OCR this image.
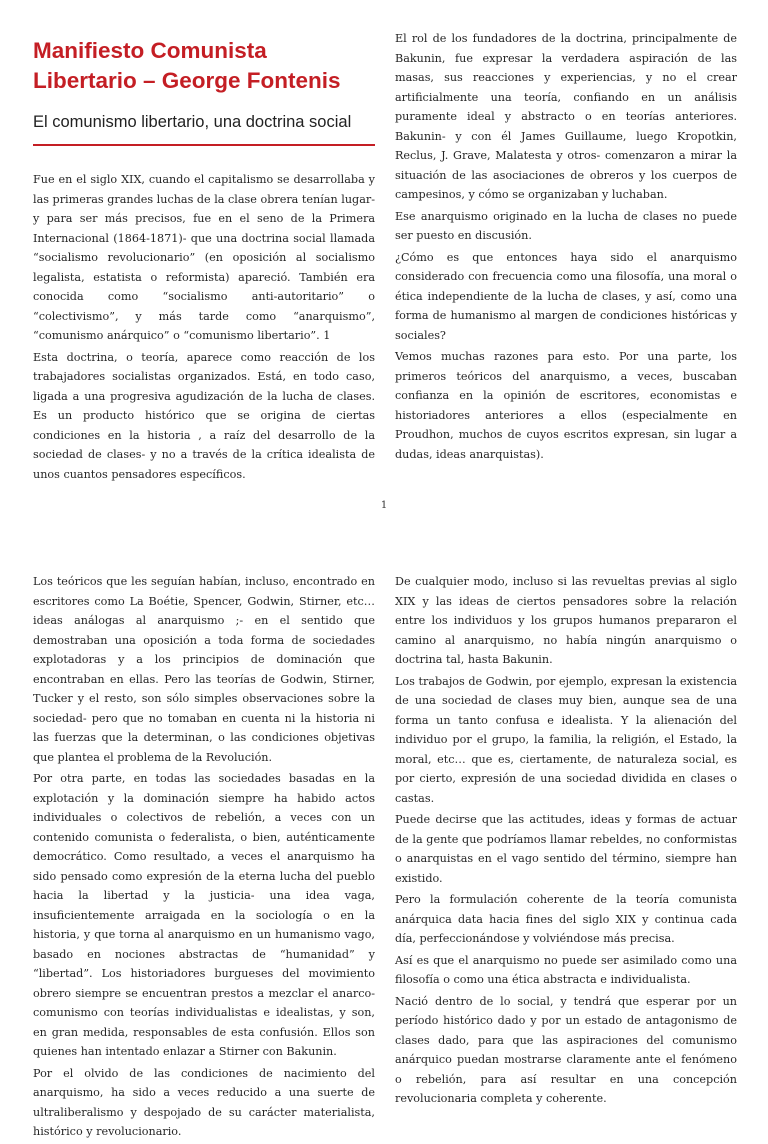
Manifiesto Comunista Libertario – George Fontenis
El comunismo libertario, una doctrina social

Fue en el siglo XIX, cuando el capitalismo se desarrollaba y las primeras grandes luchas de la clase obrera tenían lugar- y para ser más precisos, fue en el seno de la Primera Internacional (1864-1871)- que una doctrina social llamada “socialismo revolucionario” (en oposición al socialismo legalista, estatista o reformista) apareció. También era conocida como “socialismo anti-autoritario” o “colectivismo”, y más tarde como “anarquismo”, “comunismo anárquico” o “comunismo libertario”. 1

Esta doctrina, o teoría, aparece como reacción de los trabajadores socialistas organizados. Está, en todo caso, ligada a una progresiva agudización de la lucha de clases. Es un producto histórico que se origina de ciertas condiciones en la historia , a raíz del desarrollo de la sociedad de clases- y no a través de la crítica idealista de unos cuantos pensadores específicos.

El rol de los fundadores de la doctrina, principalmente de Bakunin, fue expresar la verdadera aspiración de las masas, sus reacciones y experiencias, y no el crear artificialmente una teoría, confiando en un análisis puramente ideal y abstracto o en teorías anteriores. Bakunin- y con él James Guillaume, luego Kropotkin, Reclus, J. Grave, Malatesta y otros- comenzaron a mirar la situación de las asociaciones de obreros y los cuerpos de campesinos, y cómo se organizaban y luchaban.

Ese anarquismo originado en la lucha de clases no puede ser puesto en discusión.

¿Cómo es que entonces haya sido el anarquismo considerado con frecuencia como una filosofía, una moral o ética independiente de la lucha de clases, y así, como una forma de humanismo al margen de condiciones históricas y sociales?

Vemos muchas razones para esto. Por una parte, los primeros teóricos del anarquismo, a veces, buscaban confianza en la opinión de escritores, economistas e historiadores anteriores a ellos (especialmente en Proudhon, muchos de cuyos escritos expresan, sin lugar a dudas, ideas anarquistas).

1

Los teóricos que les seguían habían, incluso, encontrado en escritores como La Boétie, Spencer, Godwin, Stirner, etc… ideas análogas al anarquismo ;- en el sentido que demostraban una oposición a toda forma de sociedades explotadoras y a los principios de dominación que encontraban en ellas. Pero las teorías de Godwin, Stirner, Tucker y el resto, son sólo simples observaciones sobre la sociedad- pero que no tomaban en cuenta ni la historia ni las fuerzas que la determinan, o las condiciones objetivas que plantea el problema de la Revolución.

Por otra parte, en todas las sociedades basadas en la explotación y la dominación siempre ha habido actos individuales o colectivos de rebelión, a veces con un contenido comunista o federalista, o bien, auténticamente democrático. Como resultado, a veces el anarquismo ha sido pensado como expresión de la eterna lucha del pueblo hacia la libertad y la justicia- una idea vaga, insuficientemente arraigada en la sociología o en la historia, y que torna al anarquismo en un humanismo vago, basado en nociones abstractas de “humanidad” y “libertad”. Los historiadores burgueses del movimiento obrero siempre se encuentran prestos a mezclar el anarco-comunismo con teorías individualistas e idealistas, y son, en gran medida, responsables de esta confusión. Ellos son quienes han intentado enlazar a Stirner con Bakunin.

Por el olvido de las condiciones de nacimiento del anarquismo, ha sido a veces reducido a una suerte de ultraliberalismo y despojado de su carácter materialista, histórico y revolucionario.

De cualquier modo, incluso si las revueltas previas al siglo XIX y las ideas de ciertos pensadores sobre la relación entre los individuos y los grupos humanos prepararon el camino al anarquismo, no había ningún anarquismo o doctrina tal, hasta Bakunin.

Los trabajos de Godwin, por ejemplo, expresan la existencia de una sociedad de clases muy bien, aunque sea de una forma un tanto confusa e idealista. Y la alienación del individuo por el grupo, la familia, la religión, el Estado, la moral, etc… que es, ciertamente, de naturaleza social, es por cierto, expresión de una sociedad dividida en clases o castas.

Puede decirse que las actitudes, ideas y formas de actuar de la gente que podríamos llamar rebeldes, no conformistas o anarquistas en el vago sentido del término, siempre han existido.

Pero la formulación coherente de la teoría comunista anárquica data hacia fines del siglo XIX y continua cada día, perfeccionándose y volviéndose más precisa.

Así es que el anarquismo no puede ser asimilado como una filosofía o como una ética abstracta e individualista.

Nació dentro de lo social, y tendrá que esperar por un período histórico dado y por un estado de antagonismo de clases dado, para que las aspiraciones del comunismo anárquico puedan mostrarse claramente ante el fenómeno o rebelión, para así resultar en una concepción revolucionaria completa y coherente.
